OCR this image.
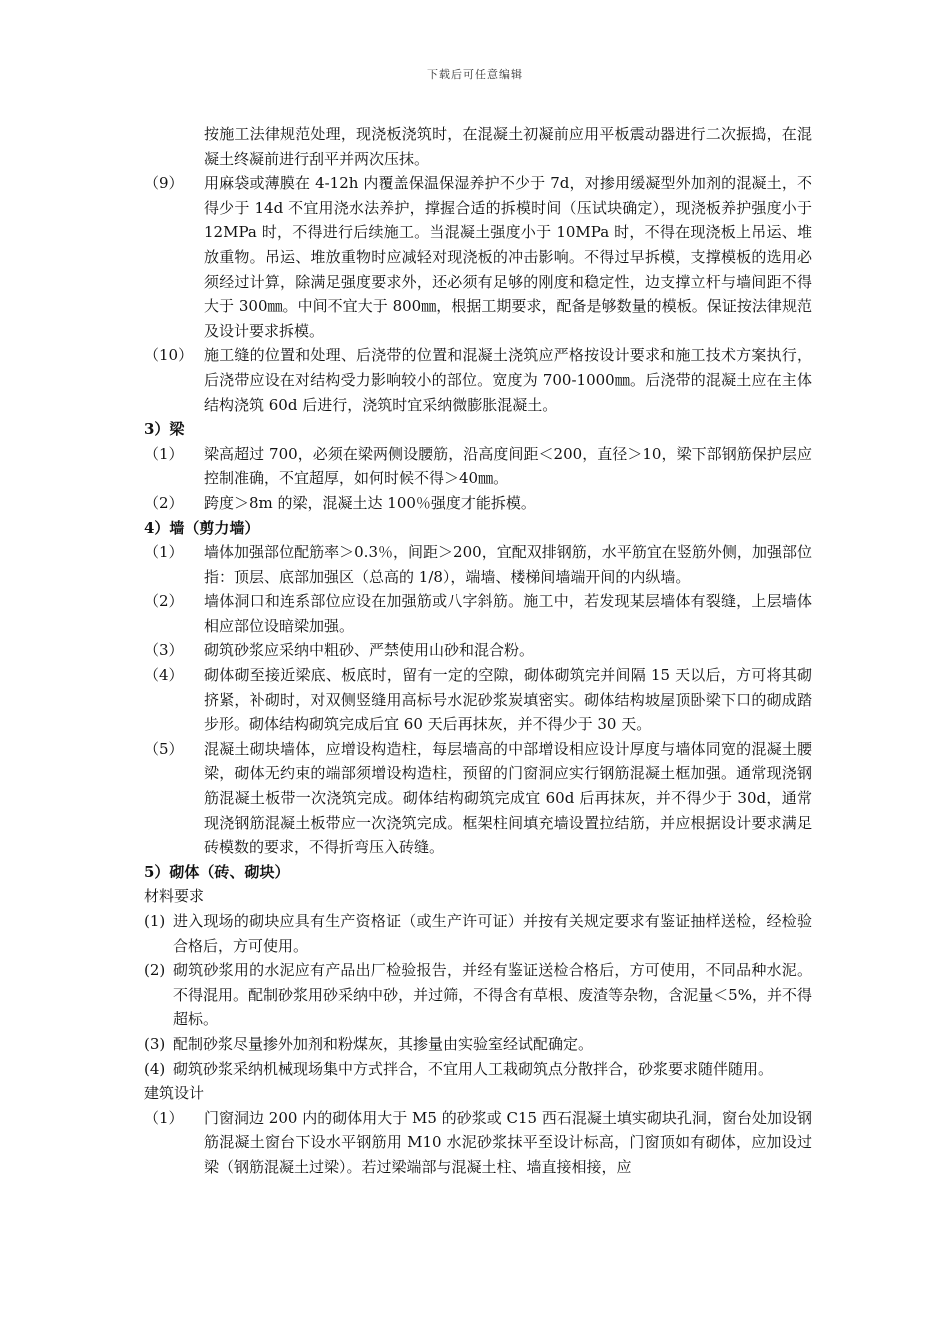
下载后可任意编辑
按施工法律规范处理，现浇板浇筑时，在混凝土初凝前应用平板震动器进行二次振捣，在混凝土终凝前进行刮平并两次压抹。
（9）	用麻袋或薄膜在 4-12h 内覆盖保温保湿养护不少于 7d，对掺用缓凝型外加剂的混凝土，不得少于 14d 不宜用浇水法养护，撑握合适的拆模时间（压试块确定），现浇板养护强度小于 12MPa 时，不得进行后续施工。当混凝土强度小于 10MPa 时，不得在现浇板上吊运、堆放重物。吊运、堆放重物时应减轻对现浇板的冲击影响。不得过早拆模，支撑模板的选用必须经过计算，除满足强度要求外，还必须有足够的刚度和稳定性，边支撑立杆与墙间距不得大于 300㎜。中间不宜大于 800㎜，根据工期要求，配备是够数量的模板。保证按法律规范及设计要求拆模。
（10） 施工缝的位置和处理、后浇带的位置和混凝土浇筑应严格按设计要求和施工技术方案执行，后浇带应设在对结构受力影响较小的部位。宽度为 700-1000㎜。后浇带的混凝土应在主体结构浇筑 60d 后进行，浇筑时宜采纳微膨胀混凝土。
3）梁
（1）	梁高超过 700，必须在梁两侧设腰筋，沿高度间距＜200，直径＞10，梁下部钢筋保护层应控制准确，不宜超厚，如何时候不得＞40㎜。
（2）	跨度＞8m 的梁，混凝土达 100％强度才能拆模。
4）墙（剪力墙）
（1）	墙体加强部位配筋率＞0.3％，间距＞200，宜配双排钢筋，水平筋宜在竖筋外侧，加强部位指：顶层、底部加强区（总高的 1/8），端墙、楼梯间墙端开间的内纵墙。
（2）	墙体洞口和连系部位应设在加强筋或八字斜筋。施工中，若发现某层墙体有裂缝，上层墙体相应部位设暗梁加强。
（3）	砌筑砂浆应采纳中粗砂、严禁使用山砂和混合粉。
（4）	砌体砌至接近梁底、板底时，留有一定的空隙，砌体砌筑完并间隔 15 天以后，方可将其砌挤紧，补砌时，对双侧竖缝用高标号水泥砂浆炭填密实。砌体结构坡屋顶卧梁下口的砌成踏步形。砌体结构砌筑完成后宜 60 天后再抹灰，并不得少于 30 天。
（5）	混凝土砌块墙体，应增设构造柱，每层墙高的中部增设相应设计厚度与墙体同宽的混凝土腰梁，砌体无约束的端部须增设构造柱，预留的门窗洞应实行钢筋混凝土框加强。通常现浇钢筋混凝土板带一次浇筑完成。砌体结构砌筑完成宜 60d 后再抹灰，并不得少于 30d，通常现浇钢筋混凝土板带应一次浇筑完成。框架柱间填充墙设置拉结筋，并应根据设计要求满足砖模数的要求，不得折弯压入砖缝。
5）砌体（砖、砌块）
材料要求
(1) 进入现场的砌块应具有生产资格证（或生产许可证）并按有关规定要求有鉴证抽样送检，经检验合格后，方可使用。
(2) 砌筑砂浆用的水泥应有产品出厂检验报告，并经有鉴证送检合格后，方可使用，不同品种水泥。不得混用。配制砂浆用砂采纳中砂，并过筛，不得含有草根、废渣等杂物，含泥量＜5%，并不得超标。
(3) 配制砂浆尽量掺外加剂和粉煤灰，其掺量由实验室经试配确定。
(4) 砌筑砂浆采纳机械现场集中方式拌合，不宜用人工栽砌筑点分散拌合，砂浆要求随伴随用。
建筑设计
（1）	门窗洞边 200 内的砌体用大于 M5 的砂浆或 C15 西石混凝土填实砌块孔洞，窗台处加设钢筋混凝土窗台下设水平钢筋用 M10 水泥砂浆抹平至设计标高，门窗顶如有砌体，应加设过梁（钢筋混凝土过梁）。若过梁端部与混凝土柱、墙直接相接，应
